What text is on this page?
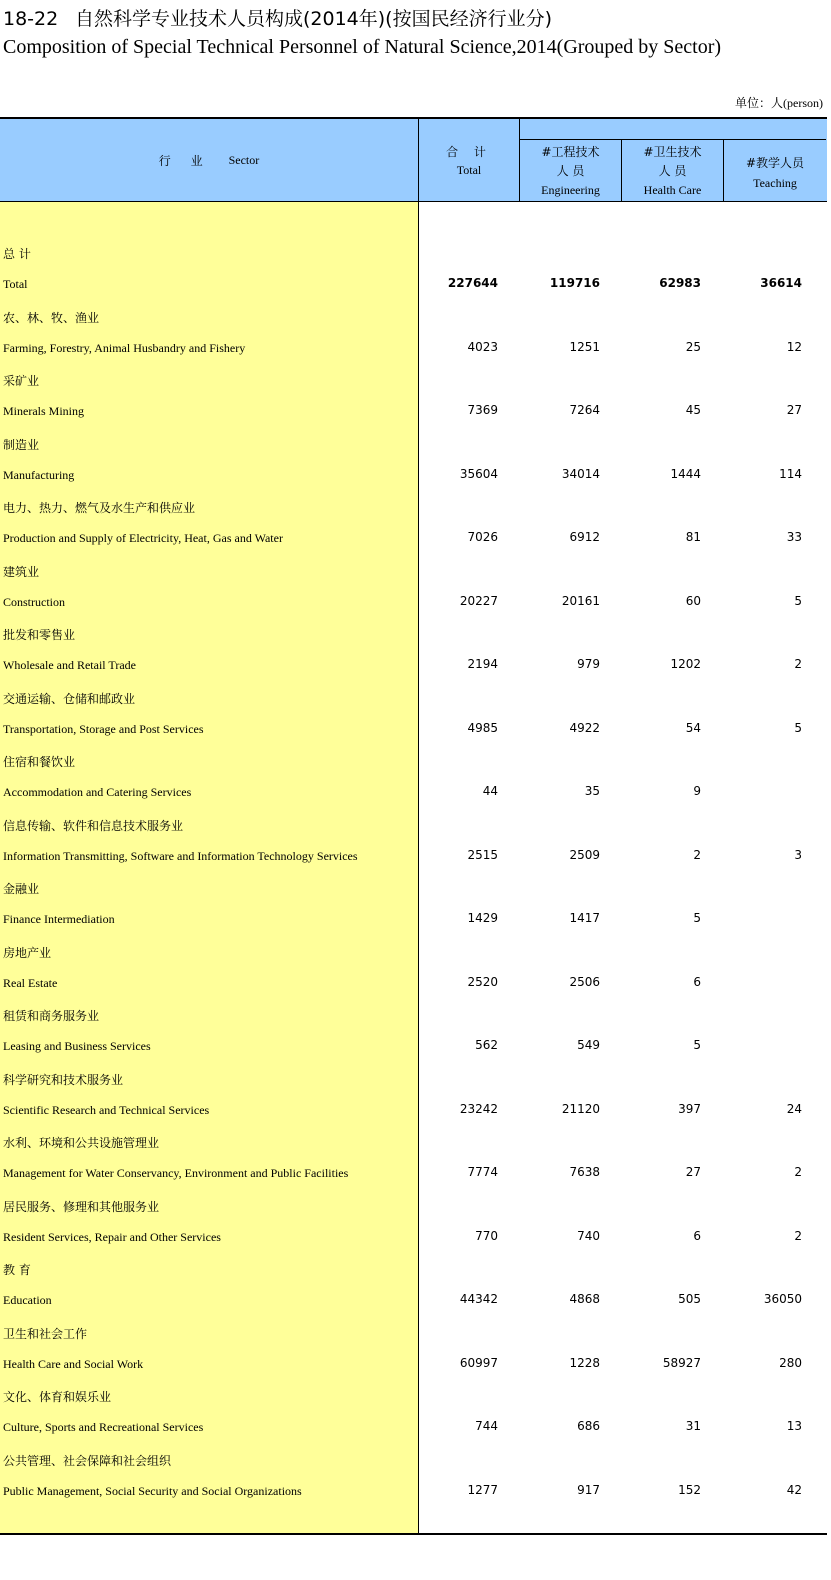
18-22 自然科学专业技术人员构成(2014年)(按国民经济行业分)
Composition of Special Technical Personnel of Natural Science,2014(Grouped by Sector)
单位：人(person)
行 业 Sector
合 计
Total
#工程技术
人 员
Engineering
#卫生技术
人 员
Health Care
#教学人员
Teaching
总 计
Total	227644	119716	62983	36614
农、林、牧、渔业
Farming, Forestry, Animal Husbandry and Fishery	4023	1251	25	12
采矿业
Minerals Mining	7369	7264	45	27
制造业
Manufacturing	35604	34014	1444	114
电力、热力、燃气及水生产和供应业
Production and Supply of Electricity, Heat, Gas and Water	7026	6912	81	33
建筑业
Construction	20227	20161	60	5
批发和零售业
Wholesale and Retail Trade	2194	979	1202	2
交通运输、仓储和邮政业
Transportation, Storage and Post Services	4985	4922	54	5
住宿和餐饮业
Accommodation and Catering Services	44	35	9
信息传输、软件和信息技术服务业
Information Transmitting, Software and Information Technology Services	2515	2509	2	3
金融业
Finance Intermediation	1429	1417	5
房地产业
Real Estate	2520	2506	6
租赁和商务服务业
Leasing and Business Services	562	549	5
科学研究和技术服务业
Scientific Research and Technical Services	23242	21120	397	24
水利、环境和公共设施管理业
Management for Water Conservancy, Environment and Public Facilities	7774	7638	27	2
居民服务、修理和其他服务业
Resident Services, Repair and Other Services	770	740	6	2
教 育
Education	44342	4868	505	36050
卫生和社会工作
Health Care and Social Work	60997	1228	58927	280
文化、体育和娱乐业
Culture, Sports and Recreational Services	744	686	31	13
公共管理、社会保障和社会组织
Public Management, Social Security and Social Organizations	1277	917	152	42
